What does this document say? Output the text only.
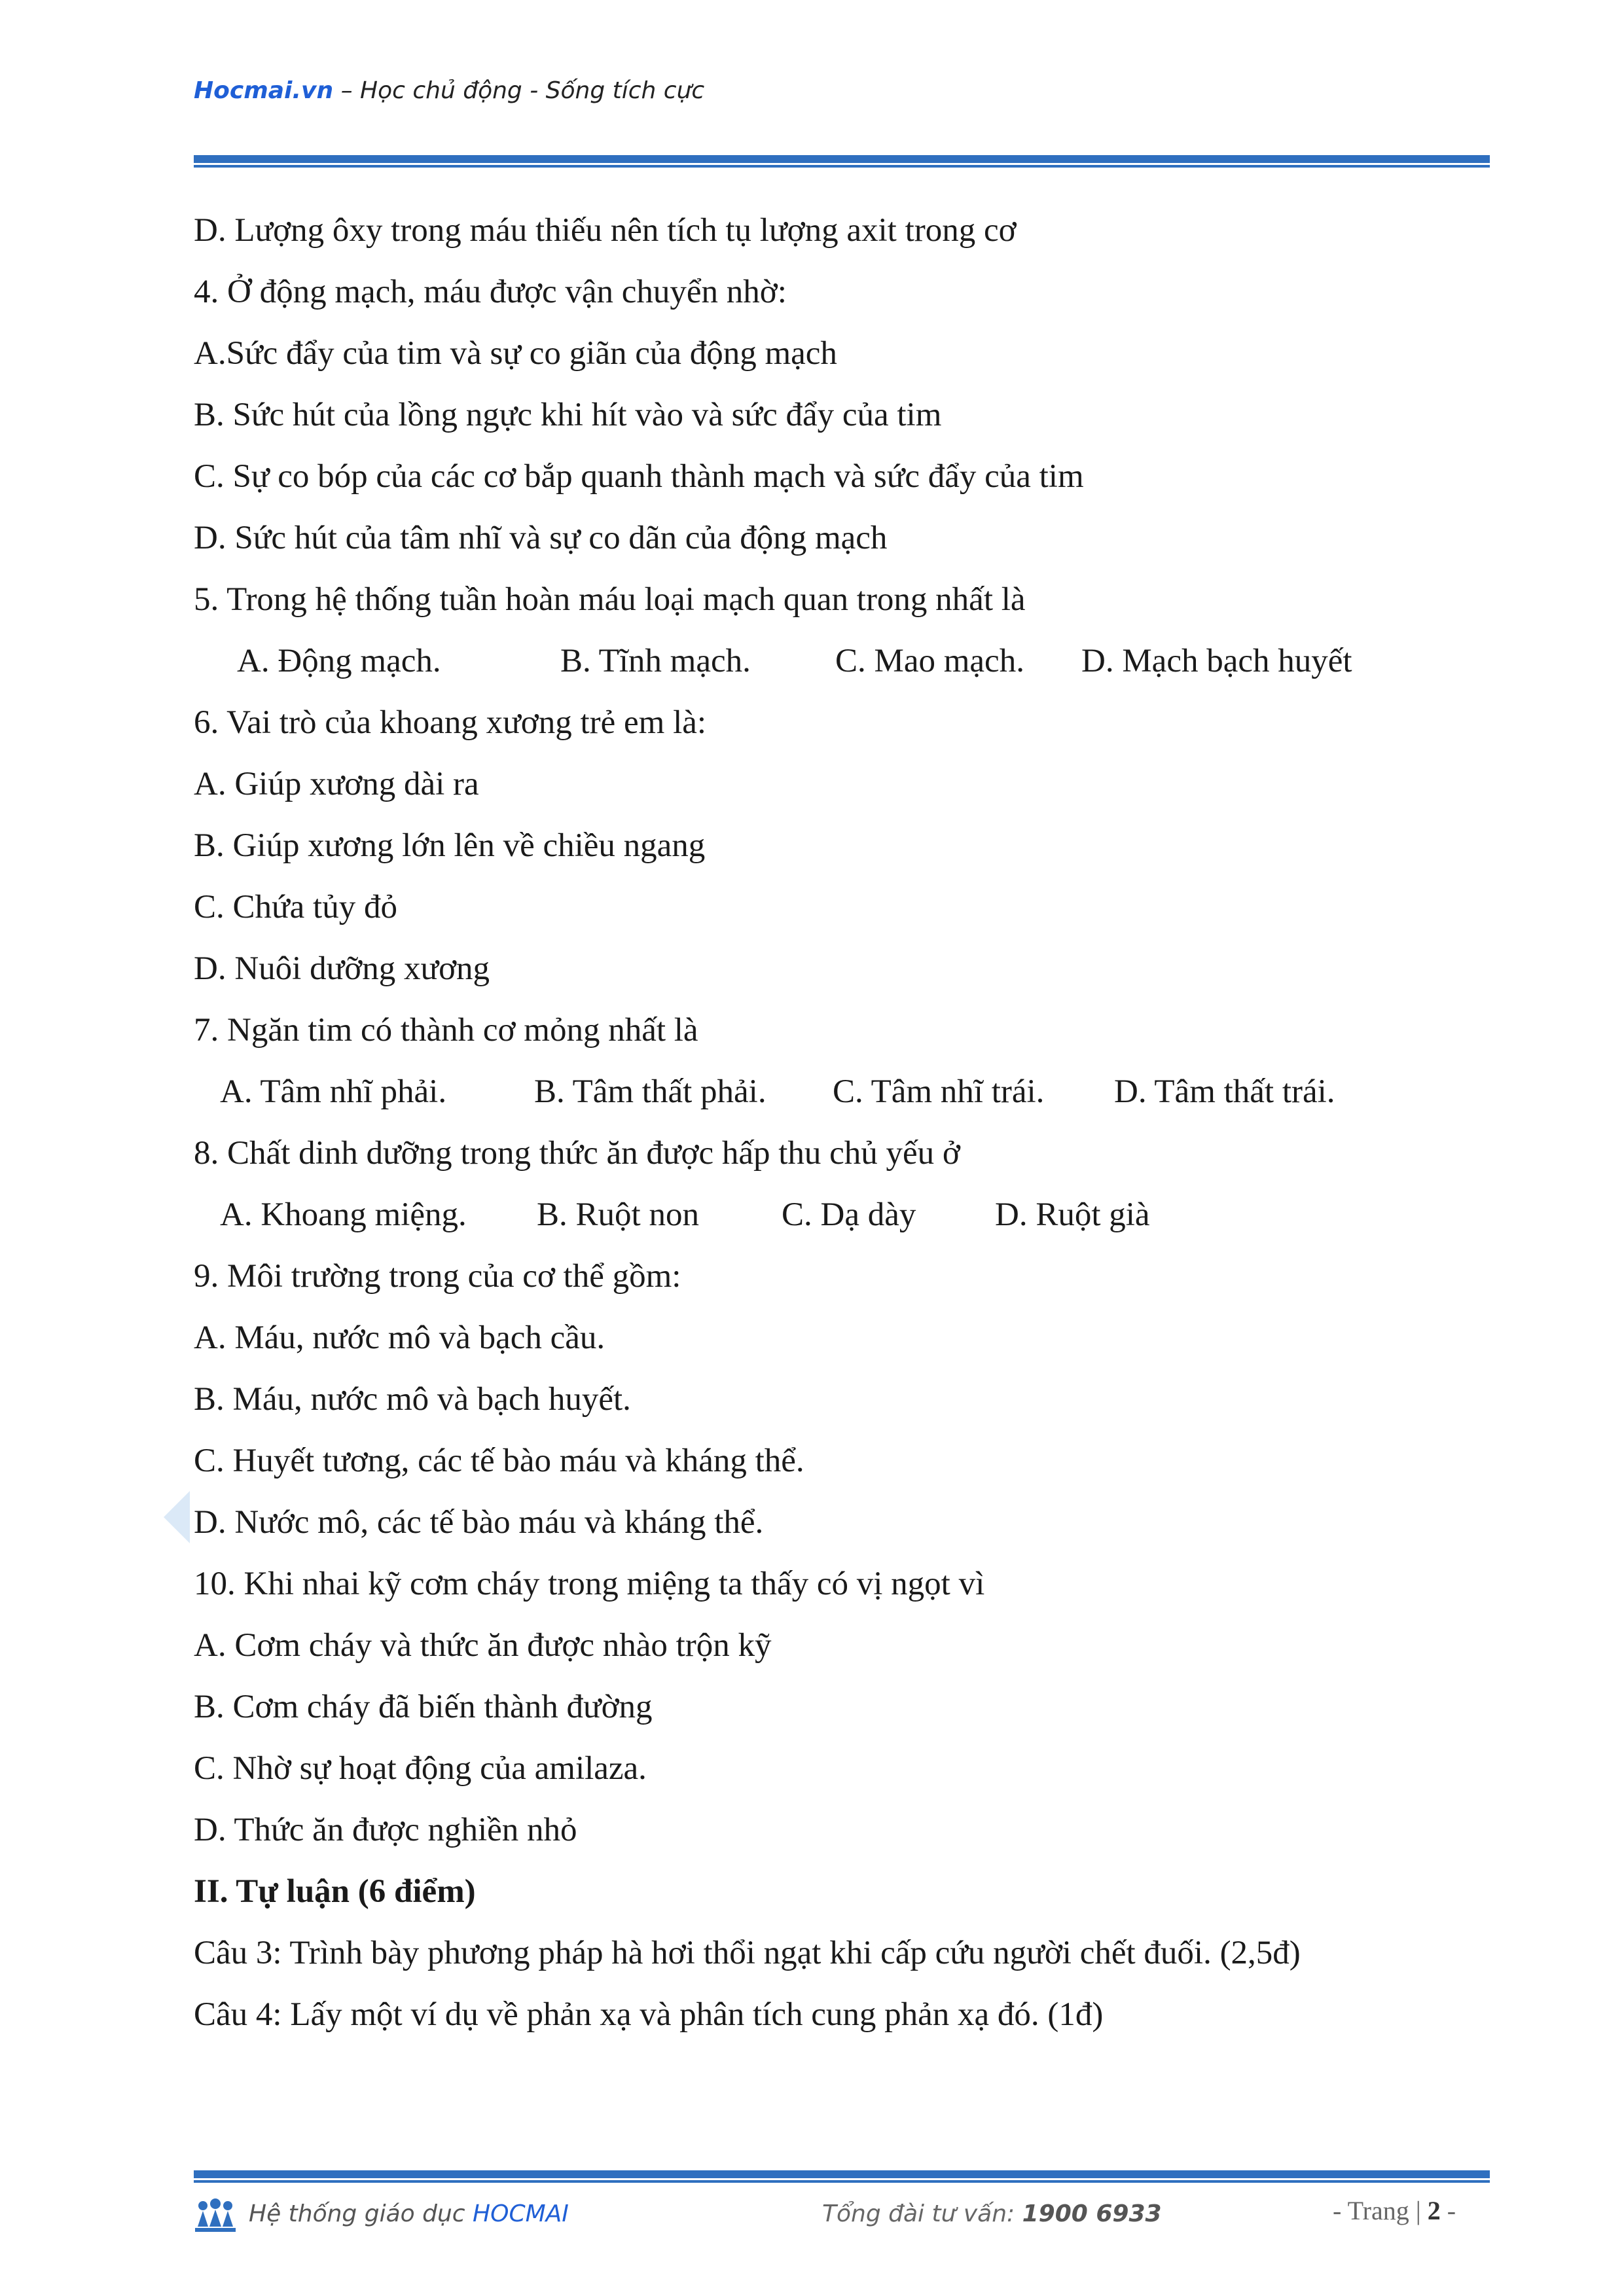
Hocmai.vn – Học chủ động - Sống tích cực
D. Lượng ôxy trong máu thiếu nên tích tụ lượng axit trong cơ
4. Ở động mạch, máu được vận chuyển nhờ:
A.Sức đẩy của tim và sự co giãn của động mạch
B. Sức hút của lồng ngực khi hít vào và sức đẩy của tim
C. Sự co bóp của các cơ bắp quanh thành mạch và sức đẩy của tim
D. Sức hút của tâm nhĩ và sự co dãn của động mạch
5. Trong hệ thống tuần hoàn máu loại mạch quan trong nhất là
A. Động mạch.	B. Tĩnh mạch.	C. Mao mạch. D. Mạch bạch huyết
6. Vai trò của khoang xương trẻ em là:
A. Giúp xương dài ra
B. Giúp xương lớn lên về chiều ngang
C. Chứa tủy đỏ
D. Nuôi dưỡng xương
7. Ngăn tim có thành cơ mỏng nhất là
A. Tâm nhĩ phải.	B. Tâm thất phải. C. Tâm nhĩ trái. D. Tâm thất trái.
8. Chất dinh dưỡng trong thức ăn được hấp thu chủ yếu ở
A. Khoang miệng. B. Ruột non C. Dạ dày D. Ruột già
9. Môi trường trong của cơ thể gồm:
A. Máu, nước mô và bạch cầu.
B. Máu, nước mô và bạch huyết.
C. Huyết tương, các tế bào máu và kháng thể.
D. Nước mô, các tế bào máu và kháng thể.
10. Khi nhai kỹ cơm cháy trong miệng ta thấy có vị ngọt vì
A. Cơm cháy và thức ăn được nhào trộn kỹ
B. Cơm cháy đã biến thành đường
C. Nhờ sự hoạt động của amilaza.
D. Thức ăn được nghiền nhỏ
II. Tự luận (6 điểm)
Câu 3: Trình bày phương pháp hà hơi thổi ngạt khi cấp cứu người chết đuối. (2,5đ)
Câu 4: Lấy một ví dụ về phản xạ và phân tích cung phản xạ đó. (1đ)
Hệ thống giáo dục HOCMAI	Tổng đài tư vấn: 1900 6933	- Trang | 2 -
